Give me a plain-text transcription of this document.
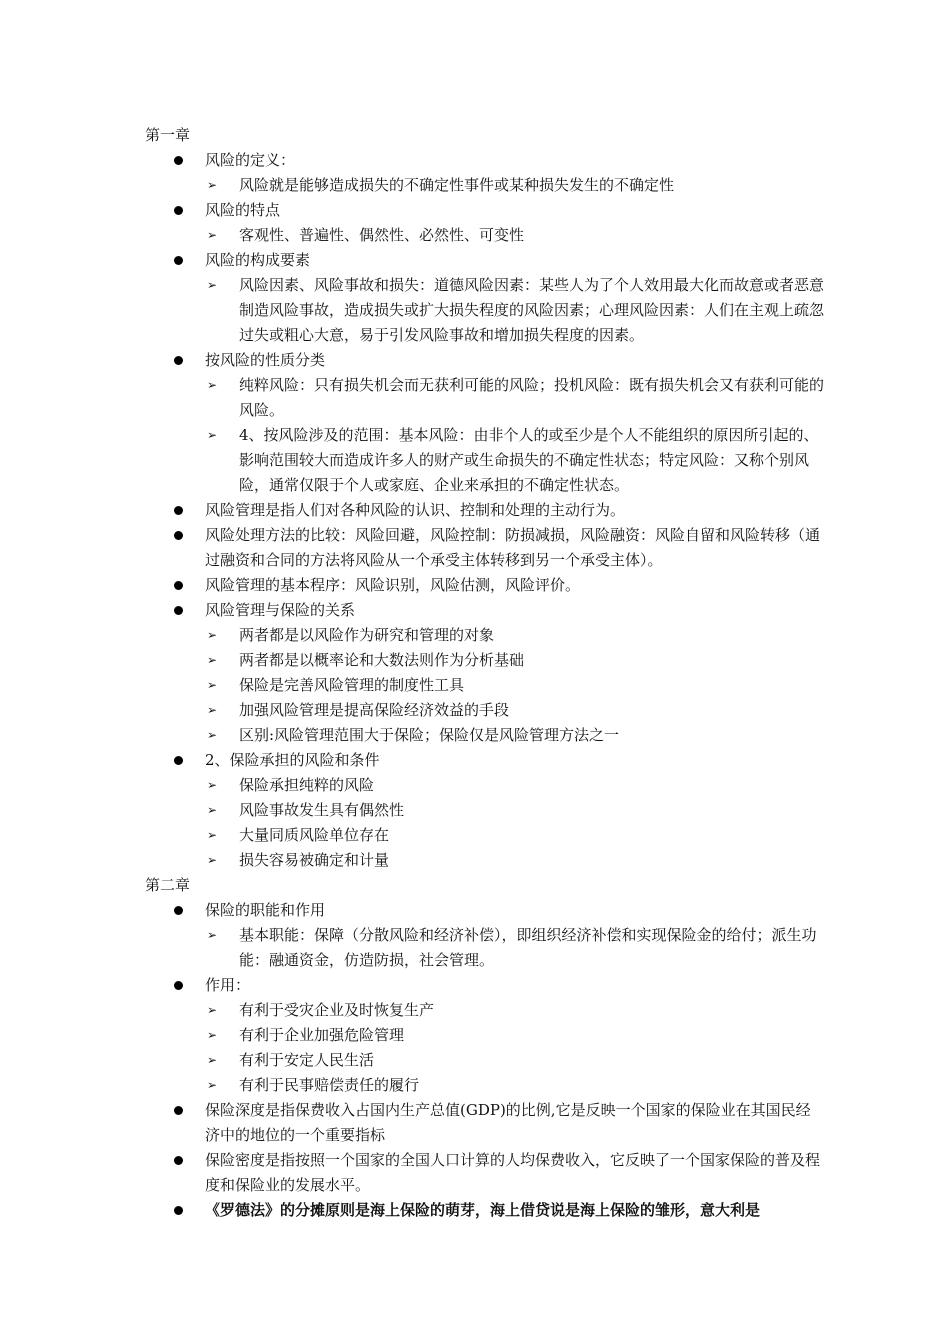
第一章
风险的定义：
➢ 风险就是能够造成损失的不确定性事件或某种损失发生的不确定性
风险的特点
➢ 客观性、普遍性、偶然性、必然性、可变性
风险的构成要素
➢ 风险因素、风险事故和损失：道德风险因素：某些人为了个人效用最大化而故意或者恶意制造风险事故，造成损失或扩大损失程度的风险因素；心理风险因素：人们在主观上疏忽过失或粗心大意，易于引发风险事故和增加损失程度的因素。
按风险的性质分类
➢ 纯粹风险：只有损失机会而无获利可能的风险；投机风险：既有损失机会又有获利可能的风险。
➢ 4、按风险涉及的范围：基本风险：由非个人的或至少是个人不能组织的原因所引起的、影响范围较大而造成许多人的财产或生命损失的不确定性状态；特定风险：又称个别风险，通常仅限于个人或家庭、企业来承担的不确定性状态。
风险管理是指人们对各种风险的认识、控制和处理的主动行为。
风险处理方法的比较：风险回避，风险控制：防损减损，风险融资：风险自留和风险转移（通过融资和合同的方法将风险从一个承受主体转移到另一个承受主体）。
风险管理的基本程序：风险识别，风险估测，风险评价。
风险管理与保险的关系
➢ 两者都是以风险作为研究和管理的对象
➢ 两者都是以概率论和大数法则作为分析基础
➢ 保险是完善风险管理的制度性工具
➢ 加强风险管理是提高保险经济效益的手段
➢ 区别:风险管理范围大于保险；保险仅是风险管理方法之一
2、保险承担的风险和条件
➢ 保险承担纯粹的风险
➢ 风险事故发生具有偶然性
➢ 大量同质风险单位存在
➢ 损失容易被确定和计量
第二章
保险的职能和作用
➢ 基本职能：保障（分散风险和经济补偿），即组织经济补偿和实现保险金的给付；派生功能：融通资金，仿造防损，社会管理。
作用：
➢ 有利于受灾企业及时恢复生产
➢ 有利于企业加强危险管理
➢ 有利于安定人民生活
➢ 有利于民事赔偿责任的履行
保险深度是指保费收入占国内生产总值(GDP)的比例,它是反映一个国家的保险业在其国民经济中的地位的一个重要指标
保险密度是指按照一个国家的全国人口计算的人均保费收入，它反映了一个国家保险的普及程度和保险业的发展水平。
《罗德法》的分摊原则是海上保险的萌芽，海上借贷说是海上保险的雏形，意大利是
